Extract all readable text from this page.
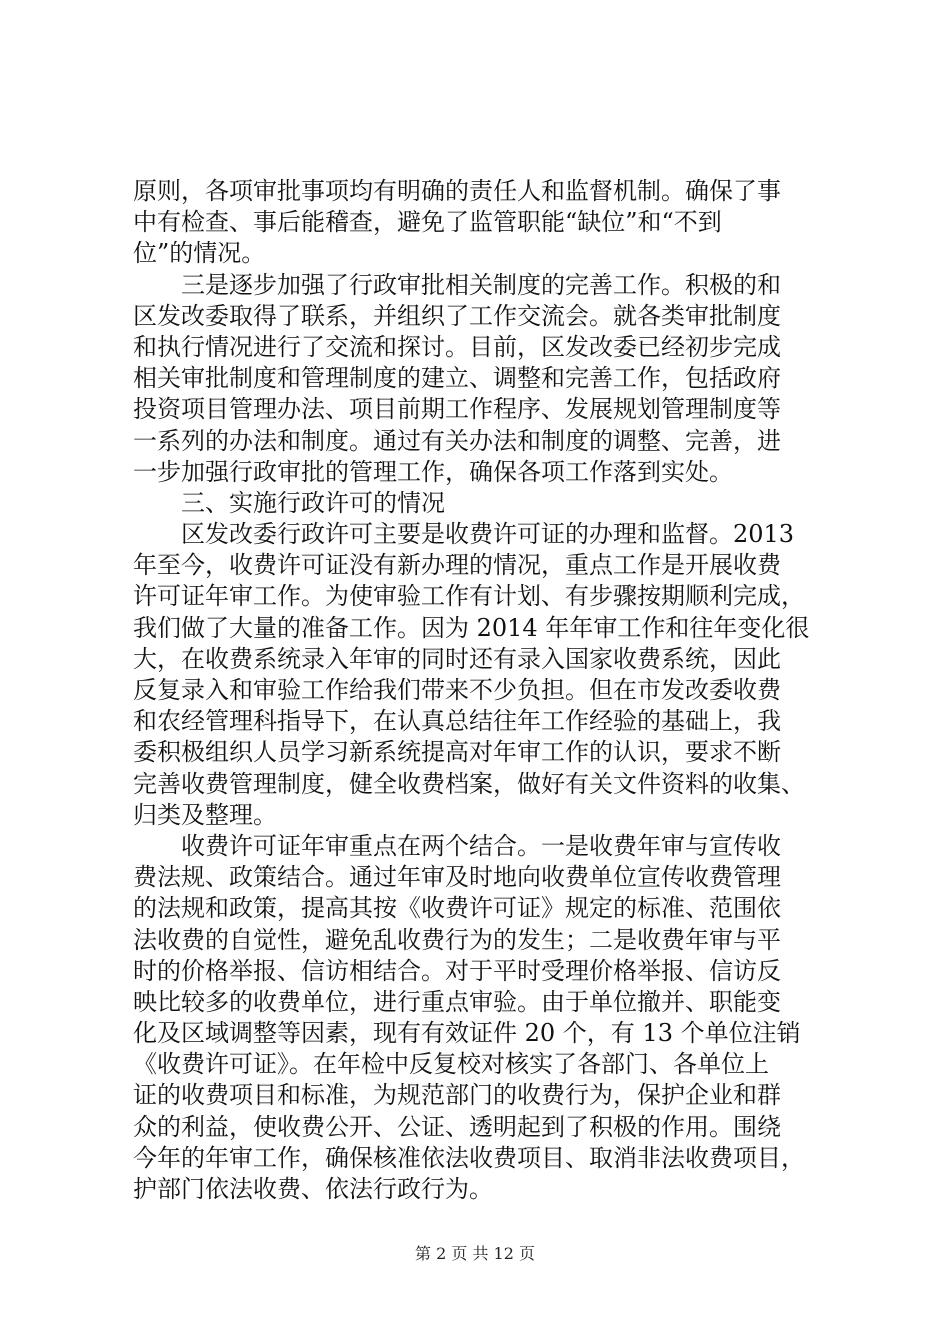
原则，各项审批事项均有明确的责任人和监督机制。确保了事
中有检查、事后能稽查，避免了监管职能“缺位”和“不到
位”的情况。
三是逐步加强了行政审批相关制度的完善工作。积极的和
区发改委取得了联系，并组织了工作交流会。就各类审批制度
和执行情况进行了交流和探讨。目前，区发改委已经初步完成
相关审批制度和管理制度的建立、调整和完善工作，包括政府
投资项目管理办法、项目前期工作程序、发展规划管理制度等
一系列的办法和制度。通过有关办法和制度的调整、完善，进
一步加强行政审批的管理工作，确保各项工作落到实处。
三、实施行政许可的情况
区发改委行政许可主要是收费许可证的办理和监督。2013
年至今，收费许可证没有新办理的情况，重点工作是开展收费
许可证年审工作。为使审验工作有计划、有步骤按期顺利完成，
我们做了大量的准备工作。因为 2014 年年审工作和往年变化很
大，在收费系统录入年审的同时还有录入国家收费系统，因此
反复录入和审验工作给我们带来不少负担。但在市发改委收费
和农经管理科指导下，在认真总结往年工作经验的基础上，我
委积极组织人员学习新系统提高对年审工作的认识，要求不断
完善收费管理制度，健全收费档案，做好有关文件资料的收集、
归类及整理。
收费许可证年审重点在两个结合。一是收费年审与宣传收
费法规、政策结合。通过年审及时地向收费单位宣传收费管理
的法规和政策，提高其按《收费许可证》规定的标准、范围依
法收费的自觉性，避免乱收费行为的发生；二是收费年审与平
时的价格举报、信访相结合。对于平时受理价格举报、信访反
映比较多的收费单位，进行重点审验。由于单位撤并、职能变
化及区域调整等因素，现有有效证件 20 个，有 13 个单位注销
《收费许可证》。在年检中反复校对核实了各部门、各单位上
证的收费项目和标准，为规范部门的收费行为，保护企业和群
众的利益，使收费公开、公证、透明起到了积极的作用。围绕
今年的年审工作，确保核准依法收费项目、取消非法收费项目，
护部门依法收费、依法行政行为。
第 2 页 共 12 页
